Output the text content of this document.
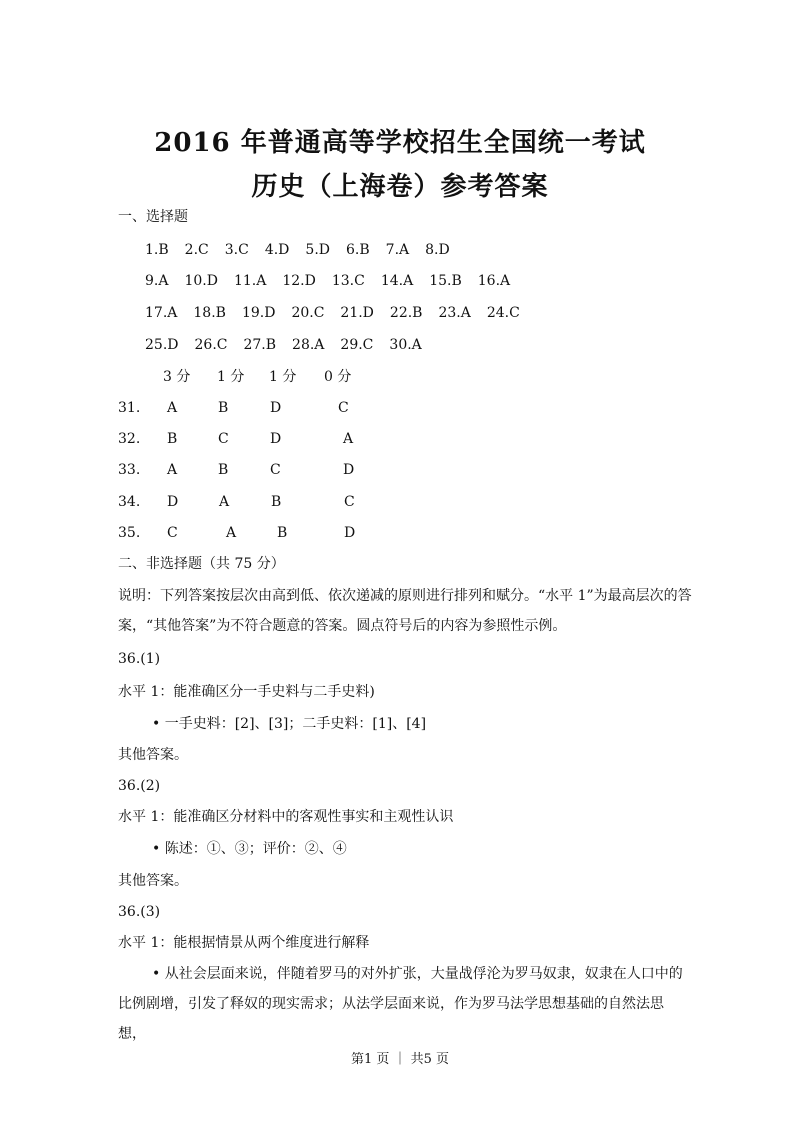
2016 年普通高等学校招生全国统一考试
历史（上海卷）参考答案
一、选择题
1.B 2.C 3.C 4.D 5.D 6.B 7.A 8.D
9.A 10.D 11.A 12.D 13.C 14.A 15.B 16.A
17.A 18.B 19.D 20.C 21.D 22.B 23.A 24.C
25.D 26.C 27.B 28.A 29.C 30.A
3 分 1 分 1 分 0 分
31. A	B	D	C
32. B	C	D	A
33. A	B	C	D
34. D	A	B	C
35. C	A	B	D
二、非选择题（共 75 分）
说明：下列答案按层次由高到低、依次递减的原则进行排列和赋分。“水平 1”为最高层次的答案，“其他答案”为不符合题意的答案。圆点符号后的内容为参照性示例。
36.(1)
水平 1：能准确区分一手史料与二手史料)
• 一手史料：[2]、[3]；二手史料：[1]、[4]
其他答案。
36.(2)
水平 1：能准确区分材料中的客观性事实和主观性认识
• 陈述：①、③；评价：②、④
其他答案。
36.(3)
水平 1：能根据情景从两个维度进行解释
• 从社会层面来说，伴随着罗马的对外扩张，大量战俘沦为罗马奴隶，奴隶在人口中的比例剧增，引发了释奴的现实需求；从法学层面来说，作为罗马法学思想基础的自然法思想，
第1 页 ｜ 共5 页
